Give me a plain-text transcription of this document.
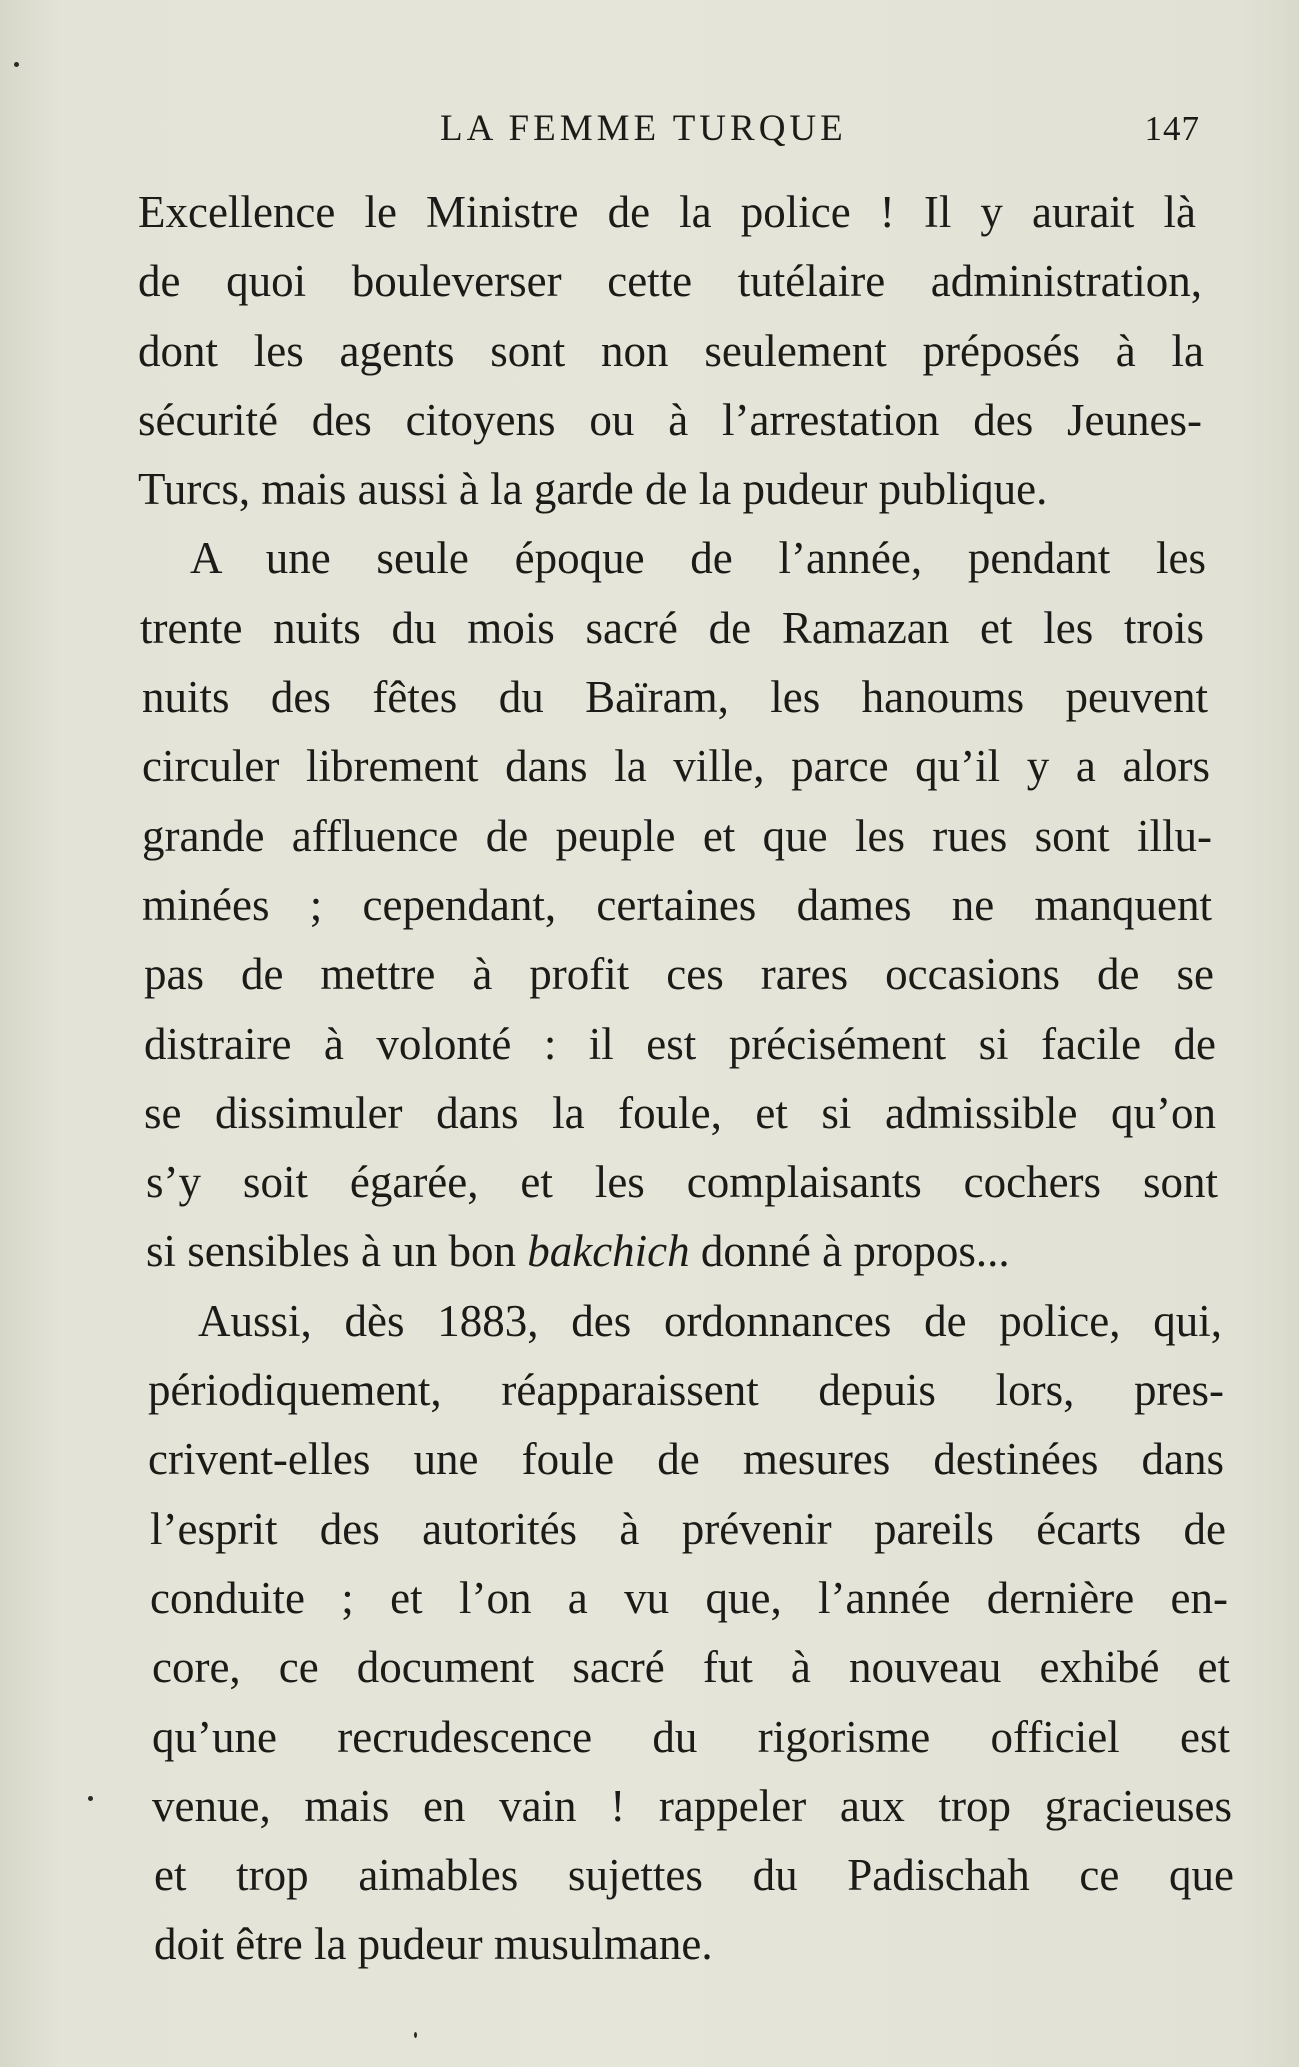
LA FEMME TURQUE	147
Excellence le Ministre de la police ! Il y aurait là
de quoi bouleverser cette tutélaire administration,
dont les agents sont non seulement préposés à la
sécurité des citoyens ou à l’arrestation des Jeunes-
Turcs, mais aussi à la garde de la pudeur publique.
A une seule époque de l’année, pendant les
trente nuits du mois sacré de Ramazan et les trois
nuits des fêtes du Baïram, les hanoums peuvent
circuler librement dans la ville, parce qu’il y a alors
grande affluence de peuple et que les rues sont illu-
minées ; cependant, certaines dames ne manquent
pas de mettre à profit ces rares occasions de se
distraire à volonté : il est précisément si facile de
se dissimuler dans la foule, et si admissible qu’on
s’y soit égarée, et les complaisants cochers sont
si sensibles à un bon bakchich donné à propos...
Aussi, dès 1883, des ordonnances de police, qui,
périodiquement, réapparaissent depuis lors, pres-
crivent-elles une foule de mesures destinées dans
l’esprit des autorités à prévenir pareils écarts de
conduite ; et l’on a vu que, l’année dernière en-
core, ce document sacré fut à nouveau exhibé et
qu’une recrudescence du rigorisme officiel est
venue, mais en vain ! rappeler aux trop gracieuses
et trop aimables sujettes du Padischah ce que
doit être la pudeur musulmane.
